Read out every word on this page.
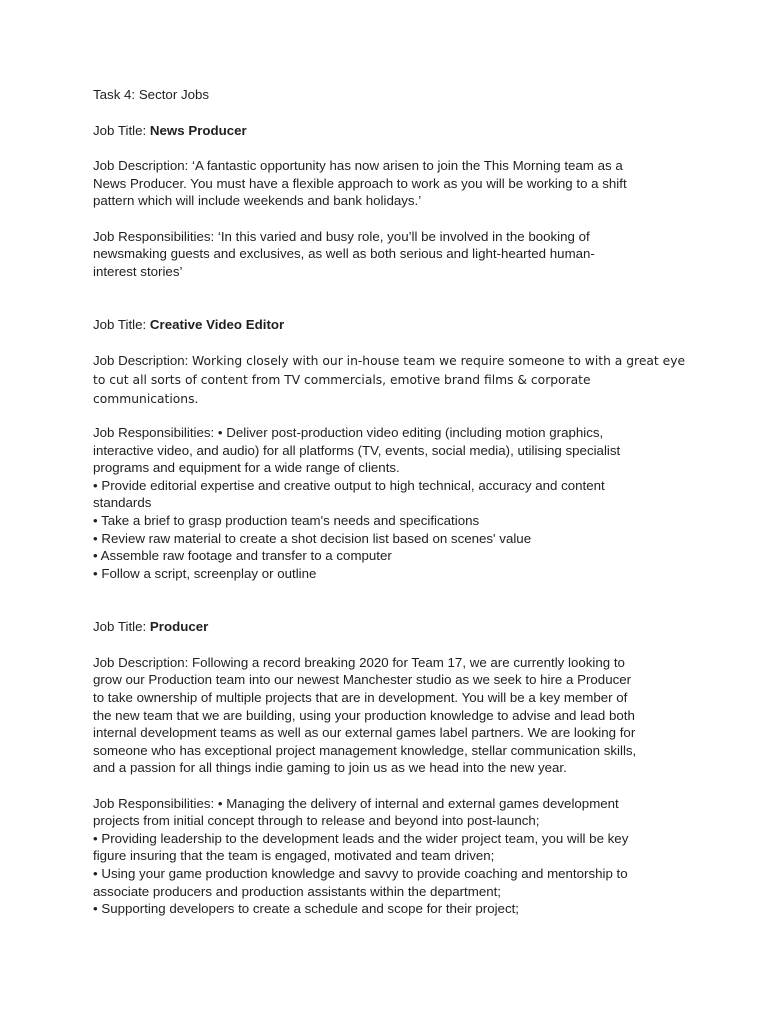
Task 4: Sector Jobs
Job Title: News Producer
Job Description: ‘A fantastic opportunity has now arisen to join the This Morning team as a
News Producer. You must have a flexible approach to work as you will be working to a shift
pattern which will include weekends and bank holidays.’
Job Responsibilities: ‘In this varied and busy role, you’ll be involved in the booking of
newsmaking guests and exclusives, as well as both serious and light-hearted human-
interest stories’
Job Title: Creative Video Editor
Job Description: Working closely with our in-house team we require someone to with a great eye
to cut all sorts of content from TV commercials, emotive brand films & corporate
communications.
Job Responsibilities: • Deliver post-production video editing (including motion graphics,
interactive video, and audio) for all platforms (TV, events, social media), utilising specialist
programs and equipment for a wide range of clients.
• Provide editorial expertise and creative output to high technical, accuracy and content
standards
• Take a brief to grasp production team's needs and specifications
• Review raw material to create a shot decision list based on scenes' value
• Assemble raw footage and transfer to a computer
• Follow a script, screenplay or outline
Job Title: Producer
Job Description: Following a record breaking 2020 for Team 17, we are currently looking to
grow our Production team into our newest Manchester studio as we seek to hire a Producer
to take ownership of multiple projects that are in development. You will be a key member of
the new team that we are building, using your production knowledge to advise and lead both
internal development teams as well as our external games label partners. We are looking for
someone who has exceptional project management knowledge, stellar communication skills,
and a passion for all things indie gaming to join us as we head into the new year.
Job Responsibilities: • Managing the delivery of internal and external games development
projects from initial concept through to release and beyond into post-launch;
• Providing leadership to the development leads and the wider project team, you will be key
figure insuring that the team is engaged, motivated and team driven;
• Using your game production knowledge and savvy to provide coaching and mentorship to
associate producers and production assistants within the department;
• Supporting developers to create a schedule and scope for their project;
